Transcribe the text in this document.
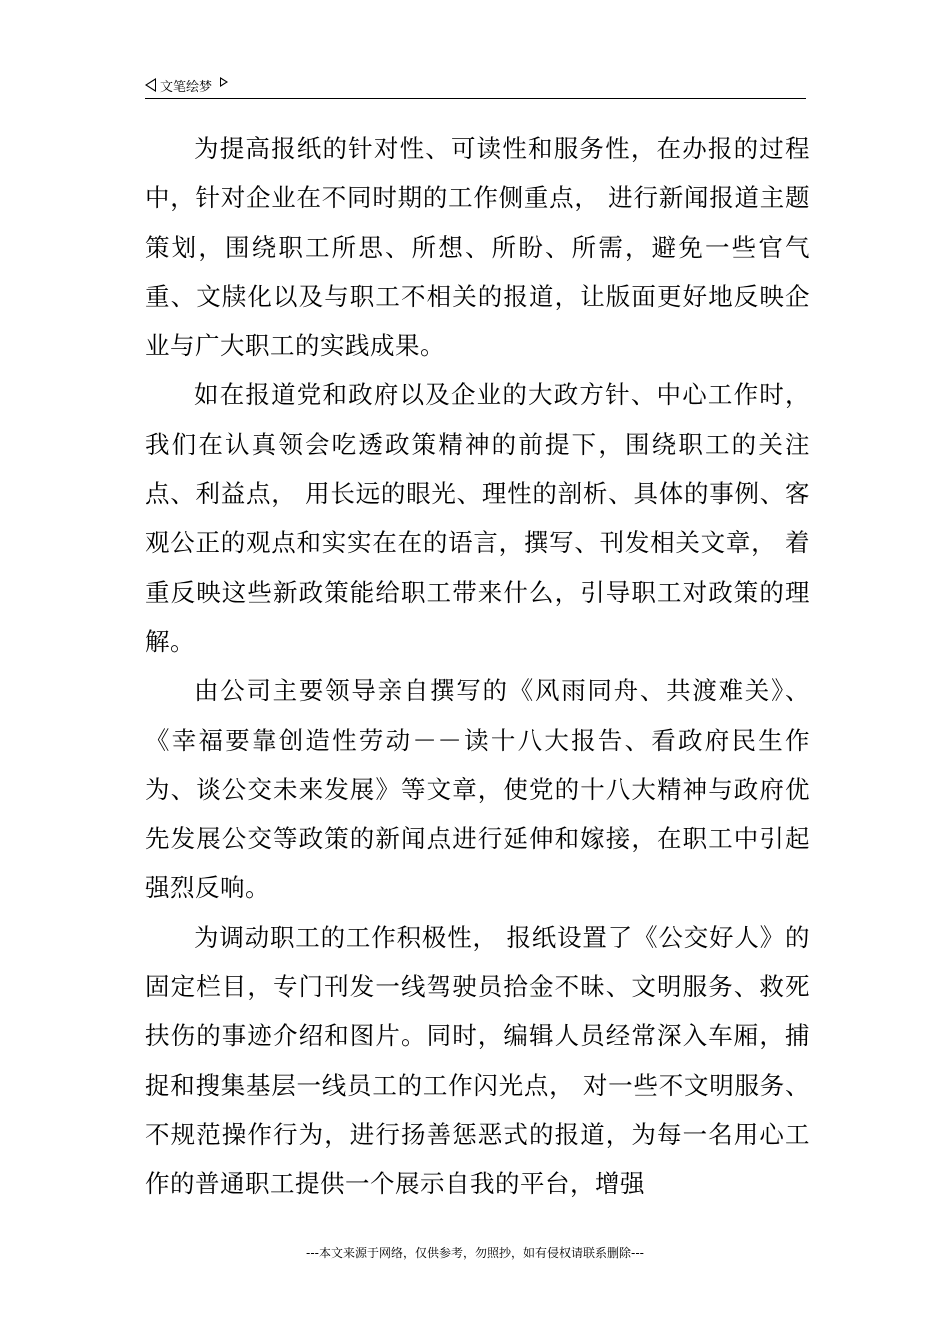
文笔绘梦

为提高报纸的针对性、可读性和服务性，在办报的过程中，针对企业在不同时期的工作侧重点， 进行新闻报道主题策划，围绕职工所思、所想、所盼、所需，避免一些官气重、文牍化以及与职工不相关的报道，让版面更好地反映企业与广大职工的实践成果。

如在报道党和政府以及企业的大政方针、中心工作时，我们在认真领会吃透政策精神的前提下，围绕职工的关注点、利益点， 用长远的眼光、理性的剖析、具体的事例、客观公正的观点和实实在在的语言，撰写、刊发相关文章， 着重反映这些新政策能给职工带来什么，引导职工对政策的理解。

由公司主要领导亲自撰写的《风雨同舟、共渡难关》、《幸福要靠创造性劳动－－读十八大报告、看政府民生作为、谈公交未来发展》等文章，使党的十八大精神与政府优先发展公交等政策的新闻点进行延伸和嫁接，在职工中引起强烈反响。

为调动职工的工作积极性， 报纸设置了《公交好人》的固定栏目，专门刊发一线驾驶员拾金不昧、文明服务、救死扶伤的事迹介绍和图片。同时，编辑人员经常深入车厢，捕捉和搜集基层一线员工的工作闪光点， 对一些不文明服务、不规范操作行为，进行扬善惩恶式的报道，为每一名用心工作的普通职工提供一个展示自我的平台，增强

---本文来源于网络，仅供参考，勿照抄，如有侵权请联系删除---
